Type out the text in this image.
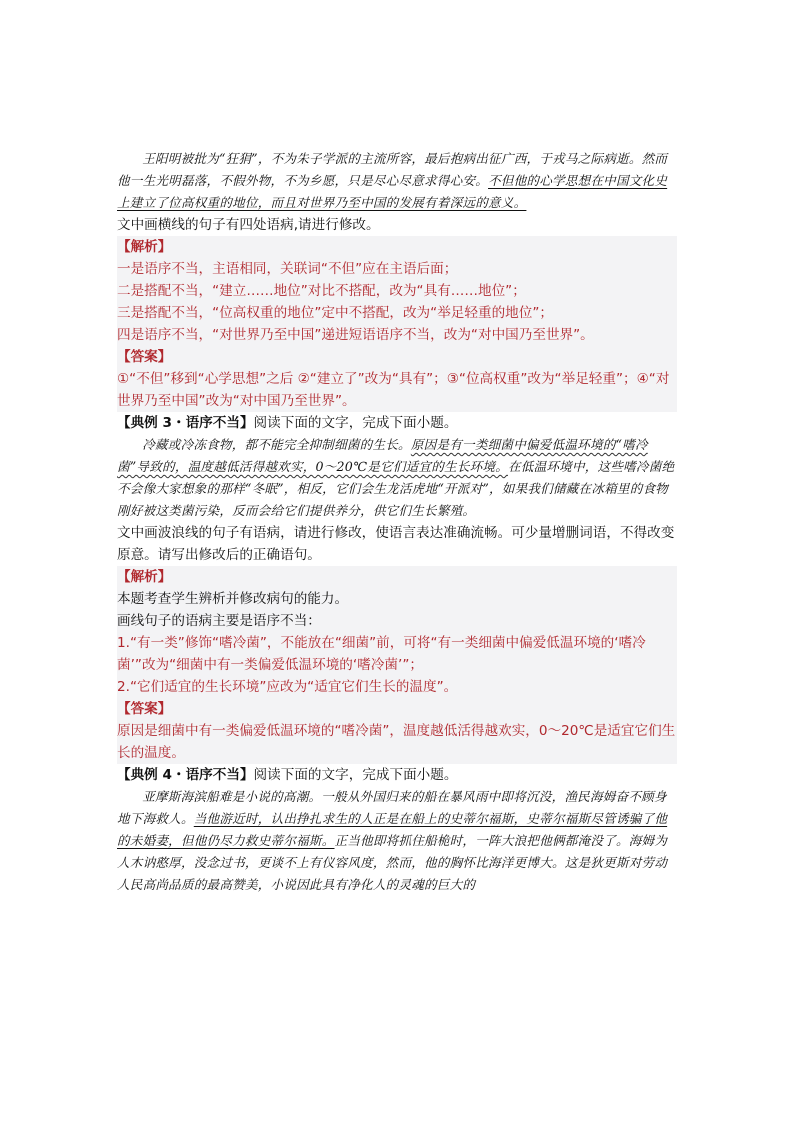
王阳明被批为“狂狷”，不为朱子学派的主流所容，最后抱病出征广西，于戎马之际病逝。然而他一生光明磊落，不假外物，不为乡愿，只是尽心尽意求得心安。不但他的心学思想在中国文化史上建立了位高权重的地位，而且对世界乃至中国的发展有着深远的意义。

文中画横线的句子有四处语病,请进行修改。

【解析】
一是语序不当，主语相同，关联词“不但”应在主语后面；
二是搭配不当，“建立……地位”对比不搭配，改为“具有……地位”；
三是搭配不当，“位高权重的地位”定中不搭配，改为“举足轻重的地位”；
四是语序不当，“对世界乃至中国”递进短语语序不当，改为“对中国乃至世界”。
【答案】
①“不但”移到“心学思想”之后 ②“建立了”改为“具有”；③“位高权重”改为“举足轻重”；④“对世界乃至中国”改为“对中国乃至世界”。
【典例 3・语序不当】阅读下面的文字，完成下面小题。

冷藏或冷冻食物，都不能完全抑制细菌的生长。原因是有一类细菌中偏爱低温环境的“嗜冷菌”导致的，温度越低活得越欢实，0～20℃是它们适宜的生长环境。在低温环境中，这些嗜冷菌绝不会像大家想象的那样“冬眠”，相反，它们会生龙活虎地“开派对”，如果我们储藏在冰箱里的食物刚好被这类菌污染，反而会给它们提供养分，供它们生长繁殖。

文中画波浪线的句子有语病，请进行修改，使语言表达准确流畅。可少量增删词语，不得改变原意。请写出修改后的正确语句。
【解析】
本题考查学生辨析并修改病句的能力。
画线句子的语病主要是语序不当：
1.“有一类”修饰“嗜冷菌”，不能放在“细菌”前，可将“有一类细菌中偏爱低温环境的‘嗜冷菌’”改为“细菌中有一类偏爱低温环境的‘嗜冷菌’”；
2.“它们适宜的生长环境”应改为“适宜它们生长的温度”。
【答案】
原因是细菌中有一类偏爱低温环境的“嗜冷菌”，温度越低活得越欢实，0～20℃是适宜它们生长的温度。
【典例 4・语序不当】阅读下面的文字，完成下面小题。

亚摩斯海滨船难是小说的高潮。一般从外国归来的船在暴风雨中即将沉没，渔民海姆奋不顾身地下海救人。当他游近时，认出挣扎求生的人正是在船上的史蒂尔福斯，史蒂尔福斯尽管诱骗了他的未婚妻，但他仍尽力救史蒂尔福斯。正当他即将抓住船桅时，一阵大浪把他俩都淹没了。海姆为人木讷憨厚，没念过书，更谈不上有仪容风度，然而，他的胸怀比海洋更博大。这是狄更斯对劳动人民高尚品质的最高赞美，小说因此具有净化人的灵魂的巨大的
